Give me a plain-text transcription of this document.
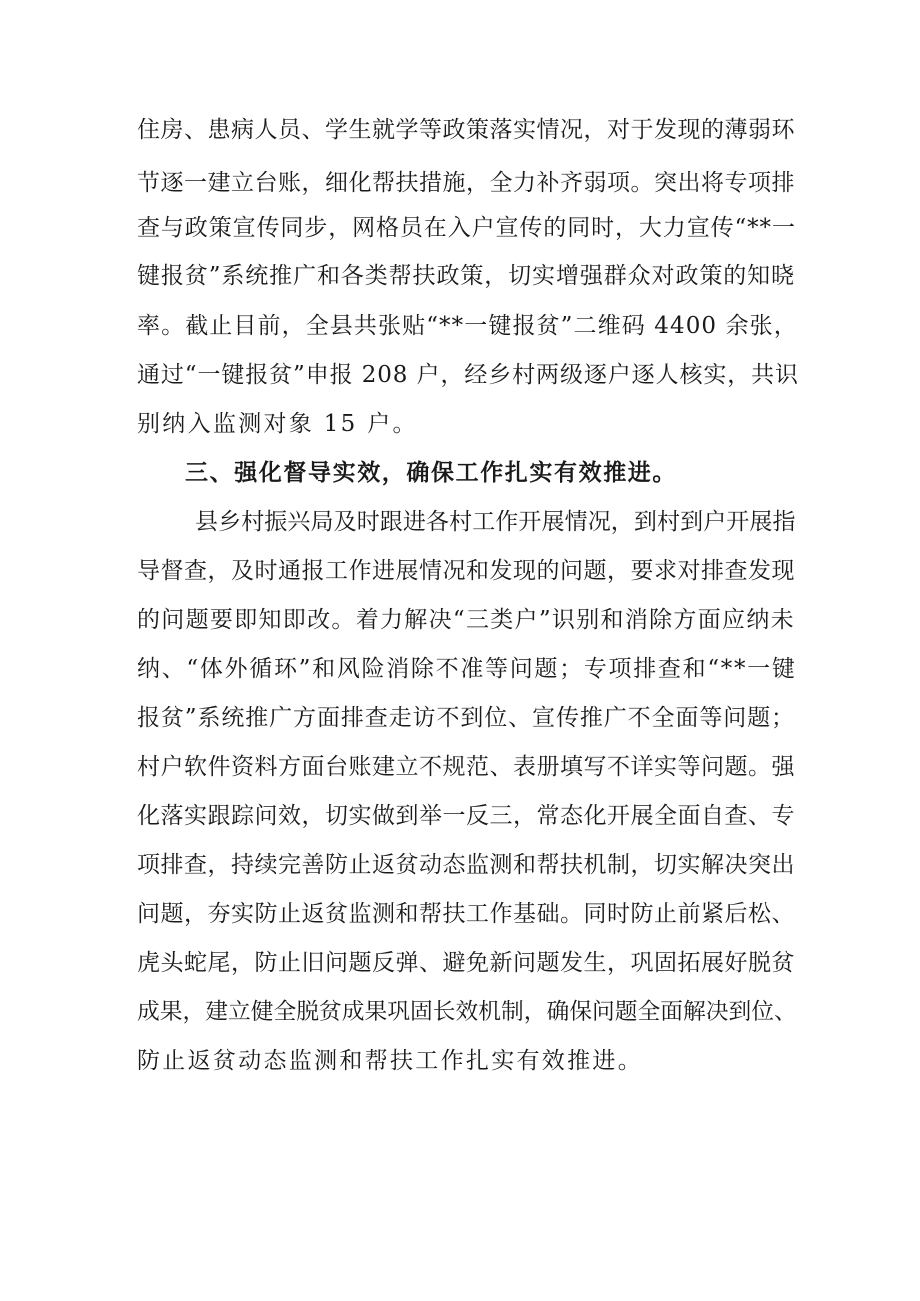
住房、患病人员、学生就学等政策落实情况，对于发现的薄弱环
节逐一建立台账，细化帮扶措施，全力补齐弱项。突出将专项排
查与政策宣传同步，网格员在入户宣传的同时，大力宣传“**一
键报贫”系统推广和各类帮扶政策，切实增强群众对政策的知晓
率。截止目前，全县共张贴“**一键报贫”二维码 4400 余张，
通过“一键报贫”申报 208 户，经乡村两级逐户逐人核实，共识
别纳入监测对象 15 户。
三、强化督导实效，确保工作扎实有效推进。
县乡村振兴局及时跟进各村工作开展情况，到村到户开展指
导督查，及时通报工作进展情况和发现的问题，要求对排查发现
的问题要即知即改。着力解决“三类户”识别和消除方面应纳未
纳、“体外循环”和风险消除不准等问题；专项排查和“**一键
报贫”系统推广方面排查走访不到位、宣传推广不全面等问题；
村户软件资料方面台账建立不规范、表册填写不详实等问题。强
化落实跟踪问效，切实做到举一反三，常态化开展全面自查、专
项排查，持续完善防止返贫动态监测和帮扶机制，切实解决突出
问题，夯实防止返贫监测和帮扶工作基础。同时防止前紧后松、
虎头蛇尾，防止旧问题反弹、避免新问题发生，巩固拓展好脱贫
成果，建立健全脱贫成果巩固长效机制，确保问题全面解决到位、
防止返贫动态监测和帮扶工作扎实有效推进。
